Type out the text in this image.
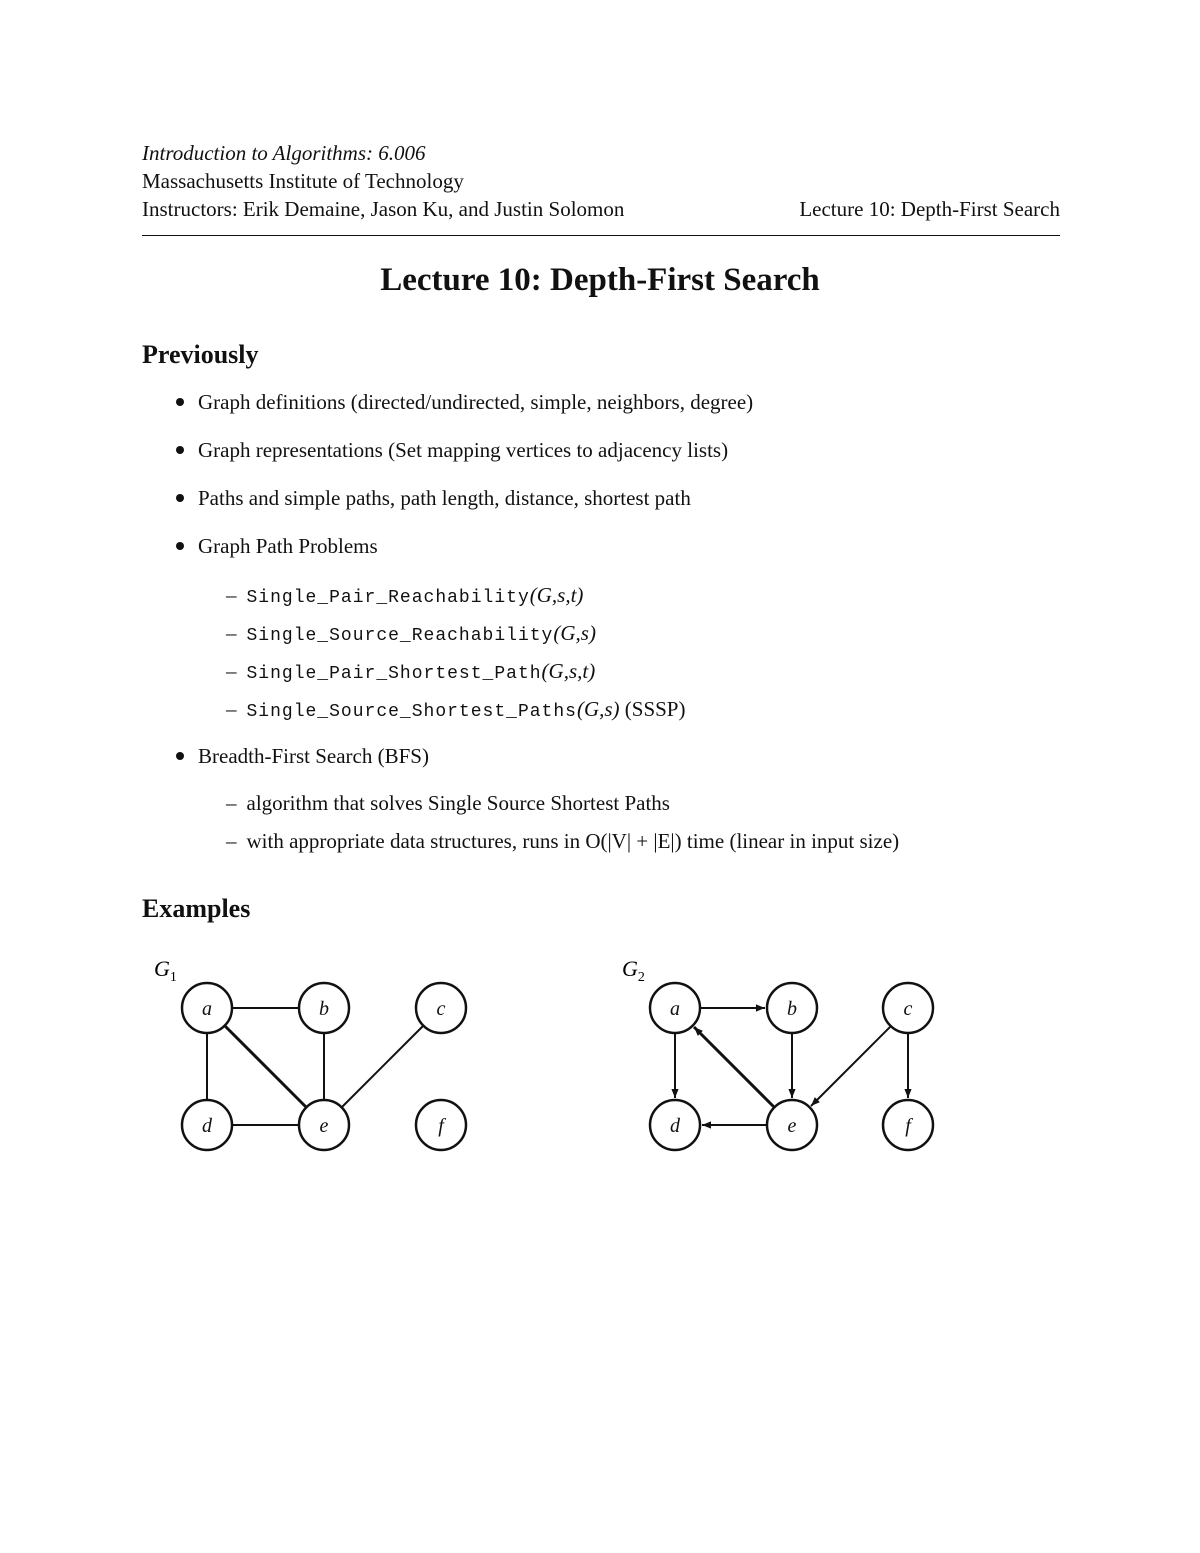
Introduction to Algorithms: 6.006
Massachusetts Institute of Technology
Instructors: Erik Demaine, Jason Ku, and Justin Solomon	Lecture 10: Depth-First Search
Lecture 10: Depth-First Search
Previously
Graph definitions (directed/undirected, simple, neighbors, degree)
Graph representations (Set mapping vertices to adjacency lists)
Paths and simple paths, path length, distance, shortest path
Graph Path Problems
– Single_Pair_Reachability(G,s,t)
– Single_Source_Reachability(G,s)
– Single_Pair_Shortest_Path(G,s,t)
– Single_Source_Shortest_Paths(G,s) (SSSP)
Breadth-First Search (BFS)
– algorithm that solves Single Source Shortest Paths
– with appropriate data structures, runs in O(|V| + |E|) time (linear in input size)
Examples
$G_1$
a	b	c
d	e	f
$G_2$
a	b	c
d	e	f
